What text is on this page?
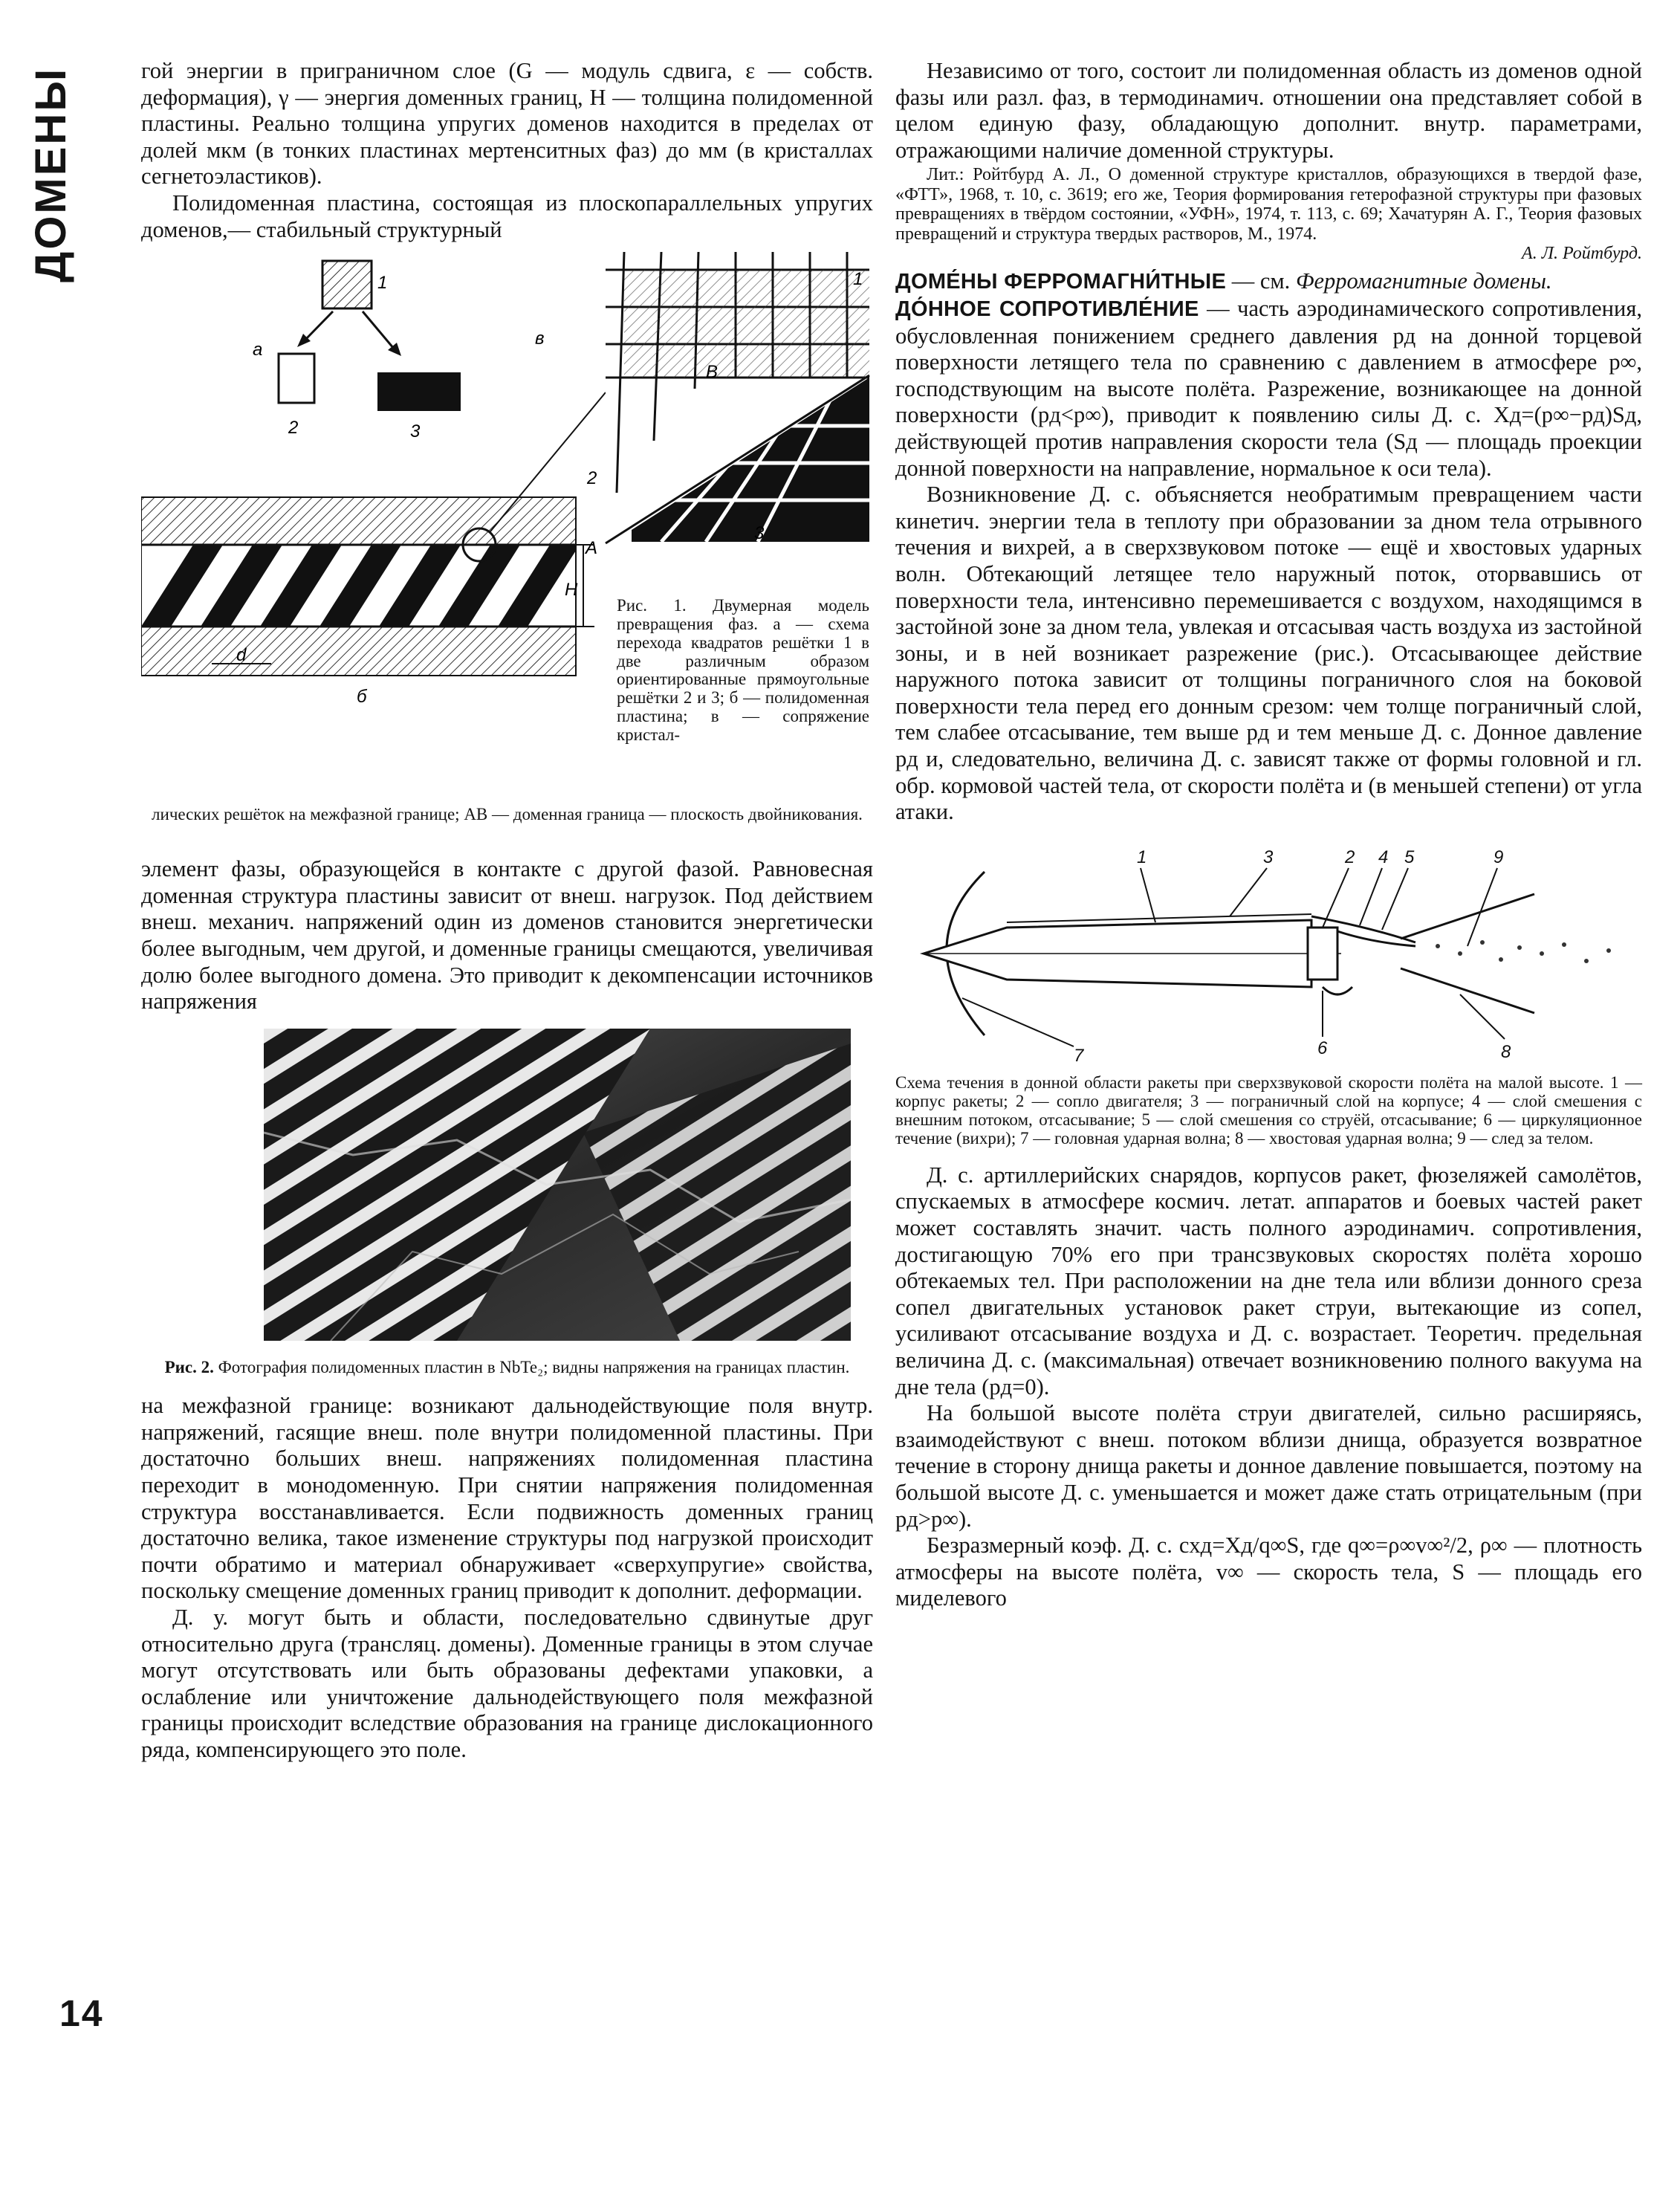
ДОМЕНЫ
14

гой энергии в приграничном слое (G — модуль сдвига, ε — собств. деформация), γ — энергия доменных границ, H — толщина полидоменной пластины. Реально толщина упругих доменов находится в пределах от долей мкм (в тонких пластинах мертенситных фаз) до мм (в кристаллах сегнетоэластиков).

Полидоменная пластина, состоящая из плоскопараллельных упругих доменов,— стабильный структурный

а
1
2	3
H
d
б
в
1
2
3
A
B
Рис. 1. Двумерная модель превращения фаз. а — схема перехода квадратов решётки 1 в две различным образом ориентированные прямоугольные решётки 2 и 3; б — полидоменная пластина; в — сопряжение кристал-
лических решёток на межфазной границе; AB — доменная граница — плоскость двойникования.

элемент фазы, образующейся в контакте с другой фазой. Равновесная доменная структура пластины зависит от внеш. нагрузок. Под действием внеш. механич. напряжений один из доменов становится энергетически более выгодным, чем другой, и доменные границы смещаются, увеличивая долю более выгодного домена. Это приводит к декомпенсации источников напряжения

Рис. 2. Фотография полидоменных пластин в NbTe₂; видны напряжения на границах пластин.

на межфазной границе: возникают дальнодействующие поля внутр. напряжений, гасящие внеш. поле внутри полидоменной пластины. При достаточно больших внеш. напряжениях полидоменная пластина переходит в монодоменную. При снятии напряжения полидоменная структура восстанавливается. Если подвижность доменных границ достаточно велика, такое изменение структуры под нагрузкой происходит почти обратимо и материал обнаруживает «сверхупругие» свойства, поскольку смещение доменных границ приводит к дополнит. деформации.

Д. у. могут быть и области, последовательно сдвинутые друг относительно друга (трансляц. домены). Доменные границы в этом случае могут отсутствовать или быть образованы дефектами упаковки, а ослабление или уничтожение дальнодействующего поля межфазной границы происходит вследствие образования на границе дислокационного ряда, компенсирующего это поле.

Независимо от того, состоит ли полидоменная область из доменов одной фазы или разл. фаз, в термодинамич. отношении она представляет собой в целом единую фазу, обладающую дополнит. внутр. параметрами, отражающими наличие доменной структуры.

Лит.: Ройтбурд А. Л., О доменной структуре кристаллов, образующихся в твердой фазе, «ФТТ», 1968, т. 10, с. 3619; его же, Теория формирования гетерофазной структуры при фазовых превращениях в твёрдом состоянии, «УФН», 1974, т. 113, с. 69; Хачатурян А. Г., Теория фазовых превращений и структура твердых растворов, М., 1974.
А. Л. Ройтбурд.

ДОМЕ́НЫ ФЕРРОМАГНИ́ТНЫЕ — см. Ферромагнитные домены.

ДО́ННОЕ СОПРОТИВЛЕ́НИЕ — часть аэродинамического сопротивления, обусловленная понижением среднего давления pд на донной торцевой поверхности летящего тела по сравнению с давлением в атмосфере p∞, господствующим на высоте полёта. Разрежение, возникающее на донной поверхности (pд<p∞), приводит к появлению силы Д. с. Xд=(p∞−pд)Sд, действующей против направления скорости тела (Sд — площадь проекции донной поверхности на направление, нормальное к оси тела).

Возникновение Д. с. объясняется необратимым превращением части кинетич. энергии тела в теплоту при образовании за дном тела отрывного течения и вихрей, а в сверхзвуковом потоке — ещё и хвостовых ударных волн. Обтекающий летящее тело наружный поток, оторвавшись от поверхности тела, интенсивно перемешивается с воздухом, находящимся в застойной зоне за дном тела, увлекая и отсасывая часть воздуха из застойной зоны, и в ней возникает разрежение (рис.). Отсасывающее действие наружного потока зависит от толщины пограничного слоя на боковой поверхности тела перед его донным срезом: чем толще пограничный слой, тем слабее отсасывание, тем выше pд и тем меньше Д. с. Донное давление pд и, следовательно, величина Д. с. зависят также от формы головной и гл. обр. кормовой частей тела, от скорости полёта и (в меньшей степени) от угла атаки.

1	3	2 4 5	9
7	6	8
Схема течения в донной области ракеты при сверхзвуковой скорости полёта на малой высоте. 1 — корпус ракеты; 2 — сопло двигателя; 3 — пограничный слой на корпусе; 4 — слой смешения с внешним потоком, отсасывание; 5 — слой смешения со струёй, отсасывание; 6 — циркуляционное течение (вихри); 7 — головная ударная волна; 8 — хвостовая ударная волна; 9 — след за телом.

Д. с. артиллерийских снарядов, корпусов ракет, фюзеляжей самолётов, спускаемых в атмосфере космич. летат. аппаратов и боевых частей ракет может составлять значит. часть полного аэродинамич. сопротивления, достигающую 70% его при трансзвуковых скоростях полёта хорошо обтекаемых тел. При расположении на дне тела или вблизи донного среза сопел двигательных установок ракет струи, вытекающие из сопел, усиливают отсасывание воздуха и Д. с. возрастает. Теоретич. предельная величина Д. с. (максимальная) отвечает возникновению полного вакуума на дне тела (pд=0).

На большой высоте полёта струи двигателей, сильно расширяясь, взаимодействуют с внеш. потоком вблизи днища, образуется возвратное течение в сторону днища ракеты и донное давление повышается, поэтому на большой высоте Д. с. уменьшается и может даже стать отрицательным (при pд>p∞).

Безразмерный коэф. Д. с. cxд=Xд/q∞S, где q∞=ρ∞v∞²/2, ρ∞ — плотность атмосферы на высоте полёта, v∞ — скорость тела, S — площадь его миделевого
